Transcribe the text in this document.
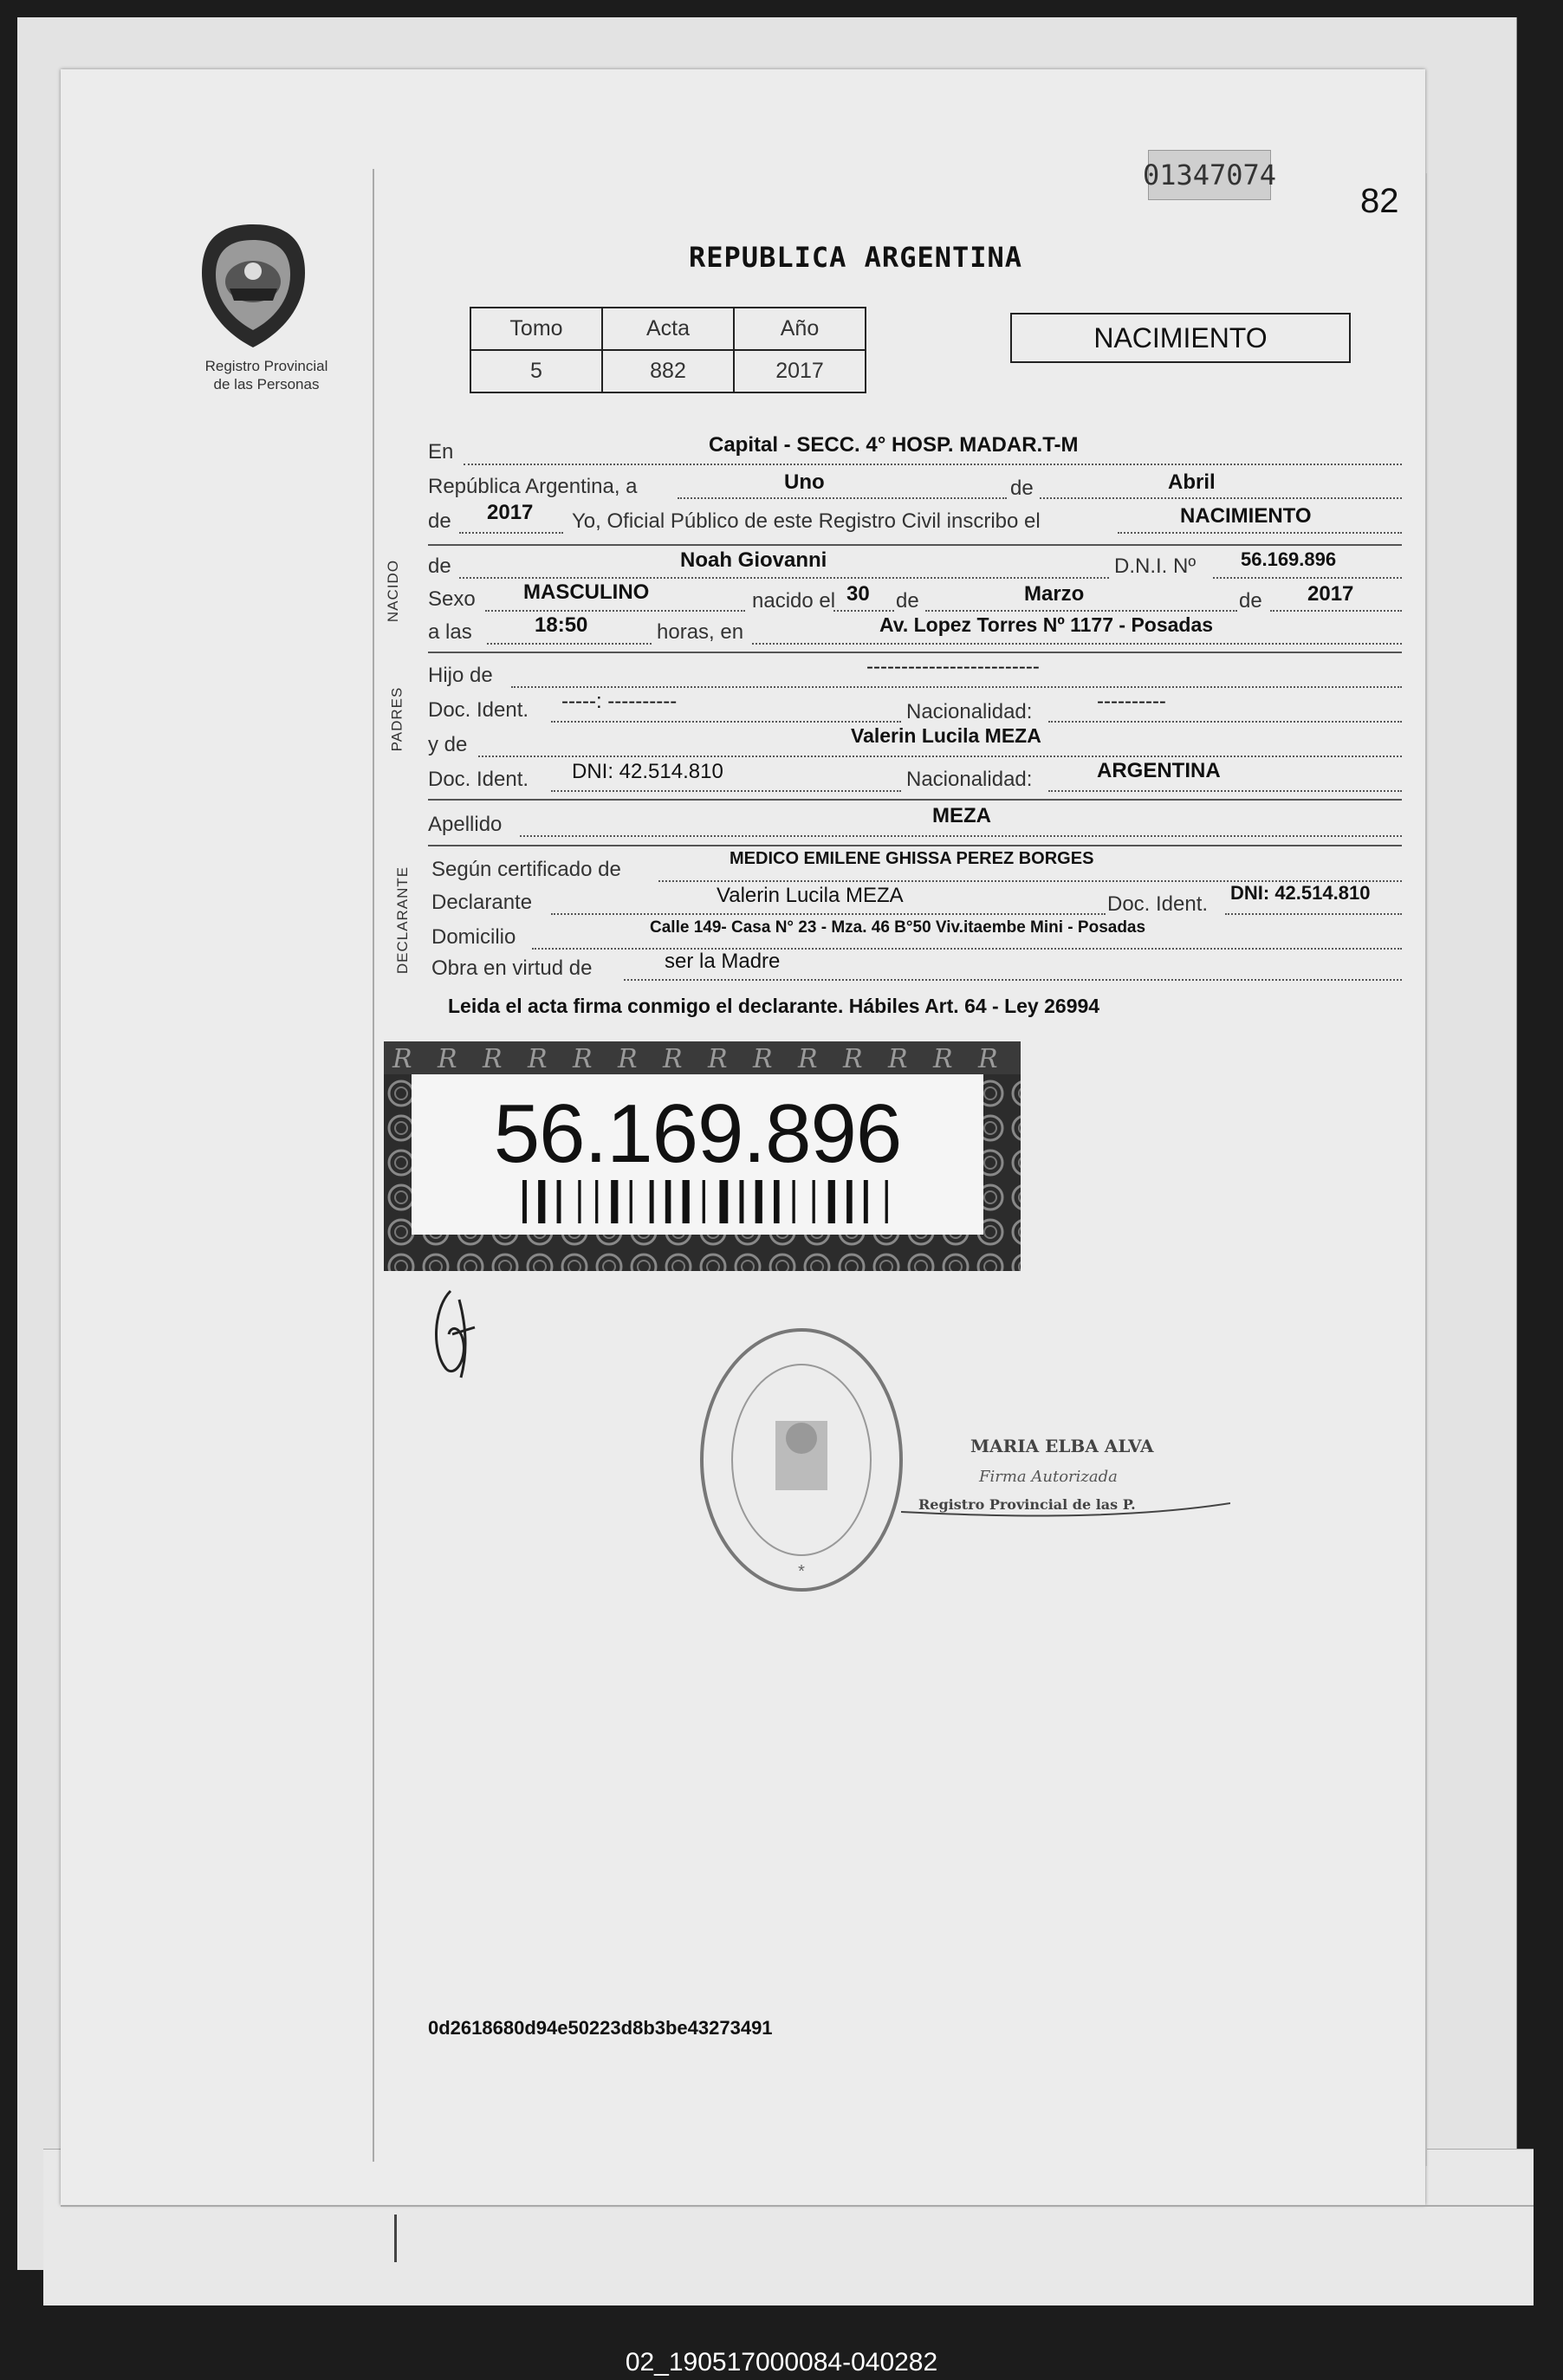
01347074
82
Registro Provincial
de las Personas
REPUBLICA ARGENTINA
Tomo	Acta	Año
5	882	2017
NACIMIENTO
En	Capital - SECC. 4° HOSP. MADAR.T-M
República Argentina, a	Uno	de	Abril
de 2017 Yo, Oficial Público de este Registro Civil inscribo el	NACIMIENTO
NACIDO de	Noah Giovanni	D.N.I. Nº 56.169.896
Sexo MASCULINO	nacido el 30 de	Marzo	de 2017
a las	18:50	horas, en	Av. Lopez Torres Nº 1177 - Posadas
PADRES
Hijo de	-------------------------
Doc. Ident. -----: ----------	Nacionalidad:	----------
y de	Valerin Lucila MEZA
Doc. Ident. DNI: 42.514.810	Nacionalidad:	ARGENTINA
Apellido	MEZA
DECLARANTE Según certificado de	MEDICO EMILENE GHISSA PEREZ BORGES
Declarante	Valerin Lucila MEZA	Doc. Ident. DNI: 42.514.810
Domicilio	Calle 149- Casa N° 23 - Mza. 46 B°50 Viv.itaembe Mini - Posadas
Obra en virtud de	ser la Madre
Leida el acta firma conmigo el declarante. Hábiles Art. 64 - Ley 26994
56.169.896
*
MARIA ELBA ALVA
Firma Autorizada
Registro Provincial de las P.
0d2618680d94e50223d8b3be43273491
02_190517000084-040282
